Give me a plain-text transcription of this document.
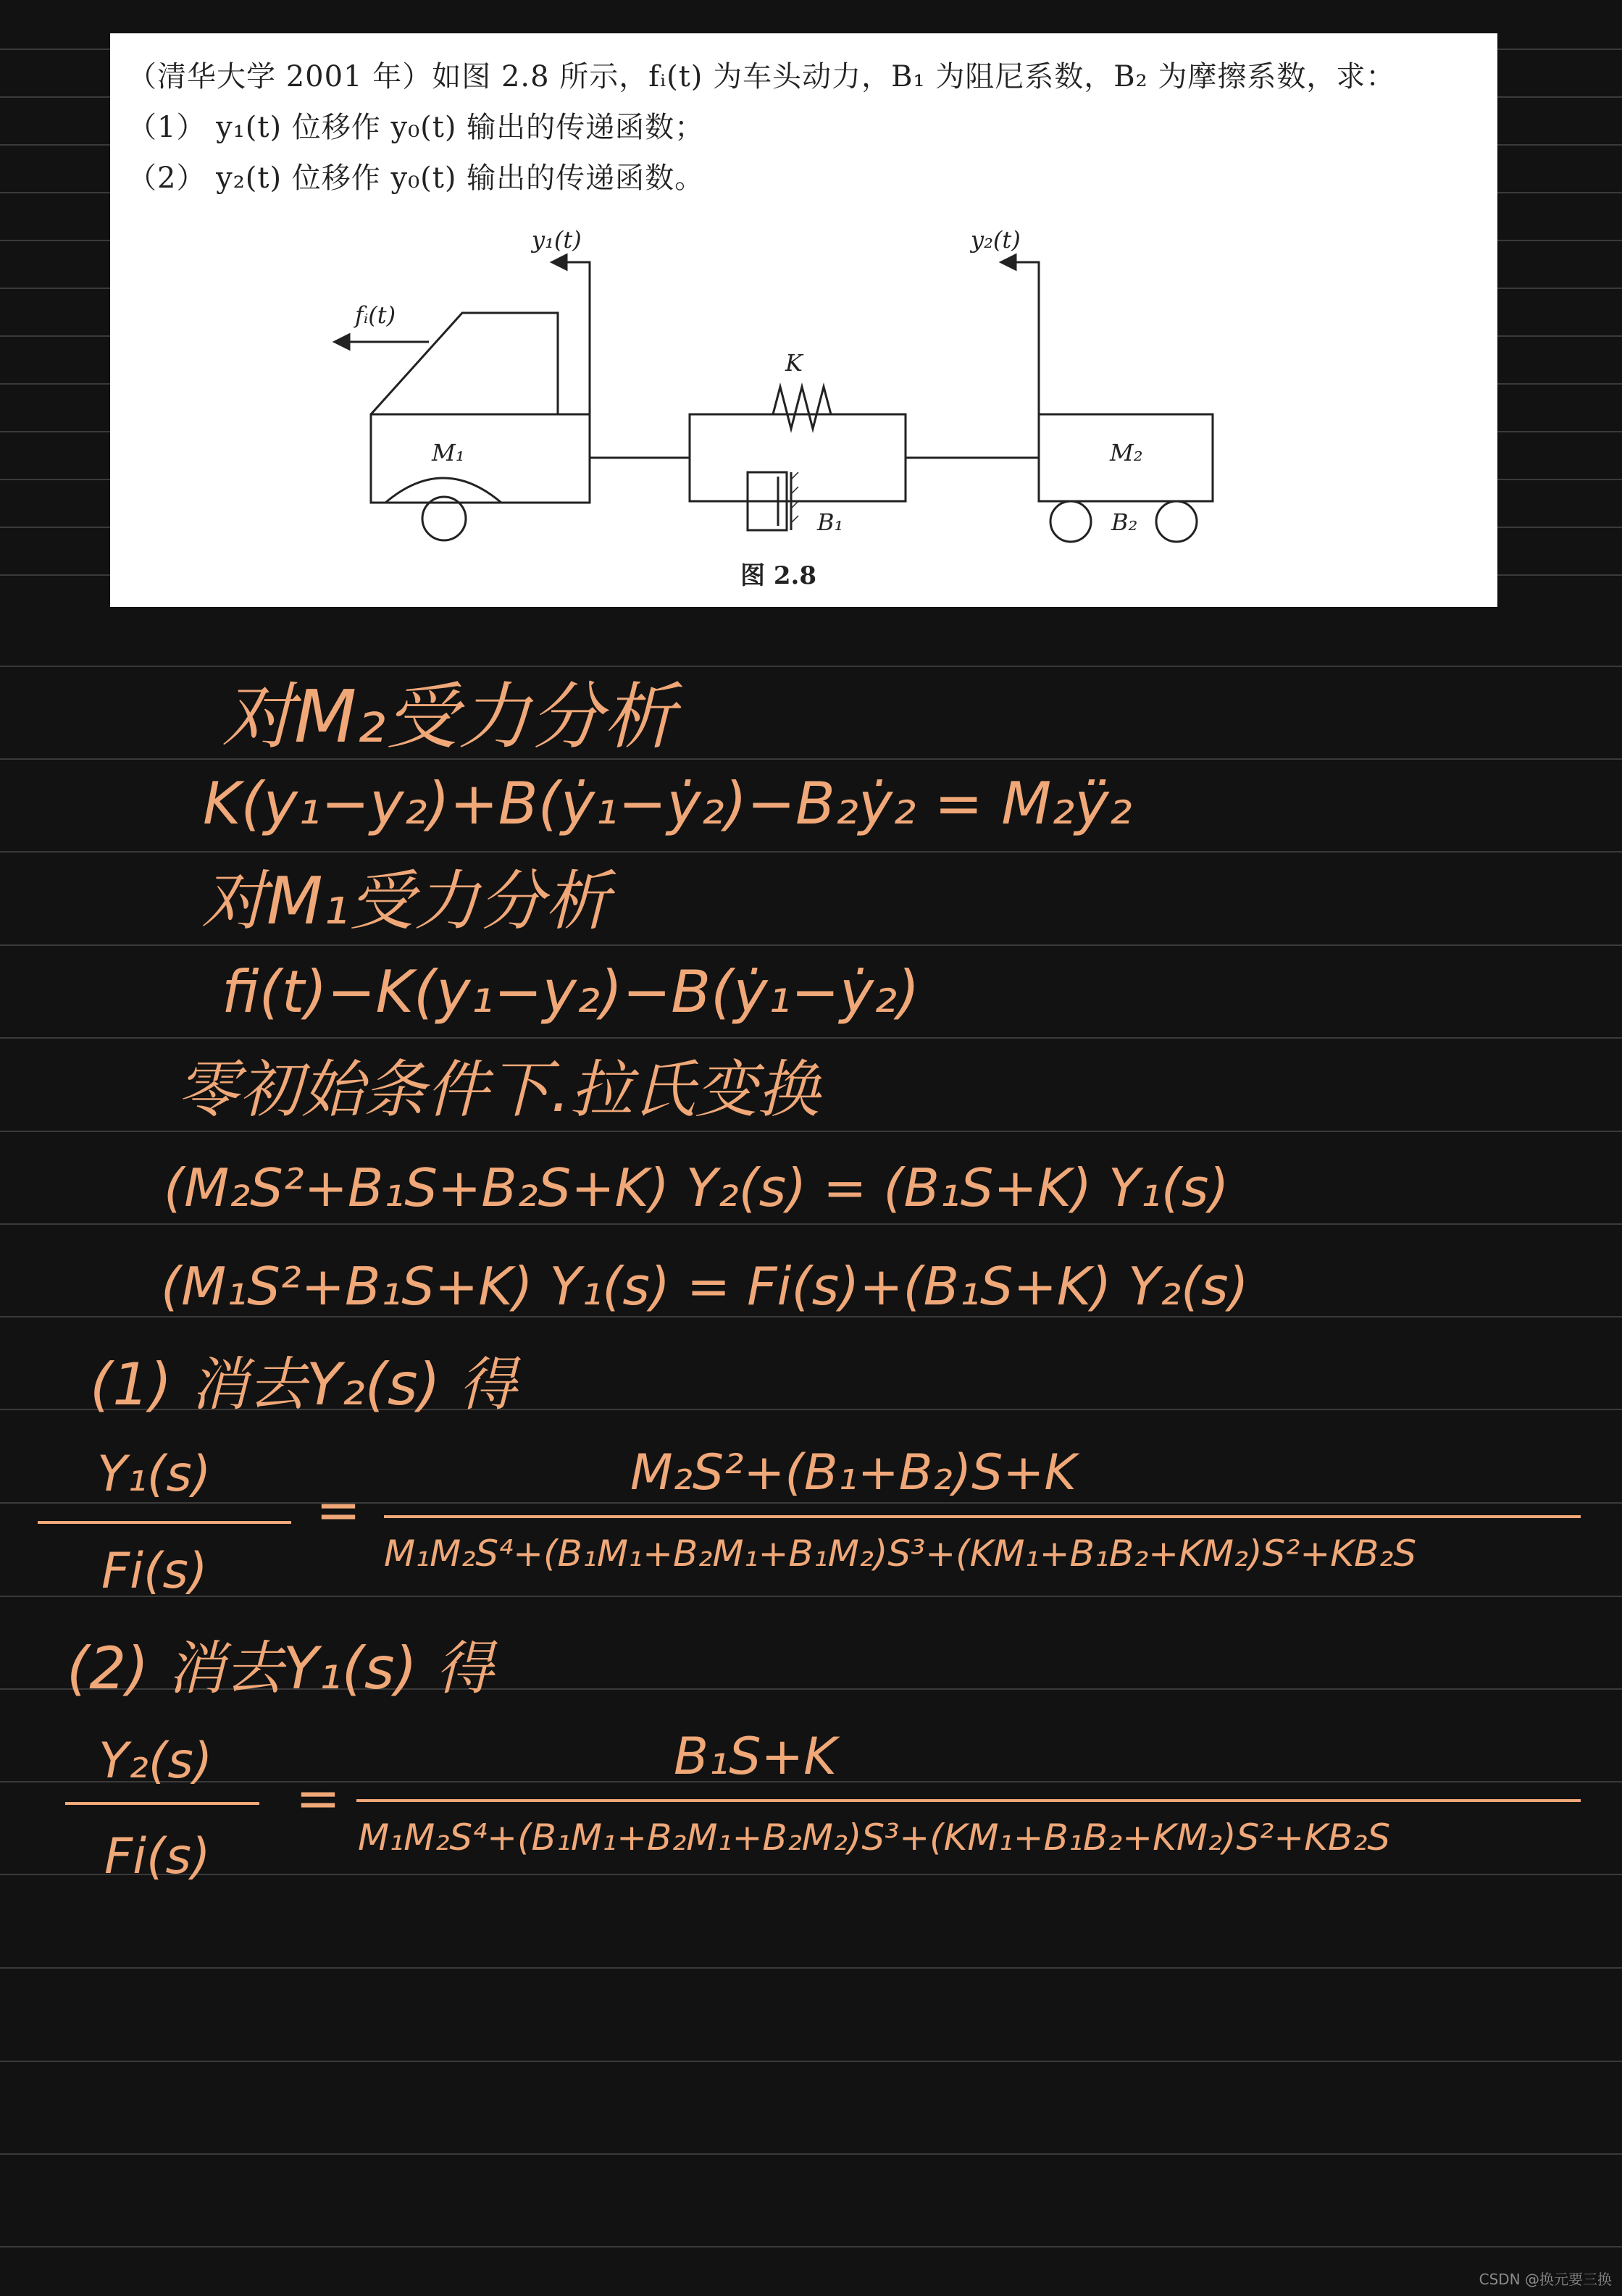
（清华大学 2001 年）如图 2.8 所示，fᵢ(t) 为车头动力，B₁ 为阻尼系数，B₂ 为摩擦系数，求：
（1） y₁(t) 位移作 y₀(t) 输出的传递函数；
（2） y₂(t) 位移作 y₀(t) 输出的传递函数。
y₁(t)	y₂(t)
fᵢ(t)
K
M₁	M₂
B₁	B₂
图 2.8
对M₂受力分析
K(y₁−y₂)+B(ẏ₁−ẏ₂)−B₂ẏ₂ = M₂ÿ₂
对M₁受力分析
fi(t)−K(y₁−y₂)−B(ẏ₁−ẏ₂)
零初始条件下.拉氏变换
(M₂S²+B₁S+B₂S+K) Y₂(s) = (B₁S+K) Y₁(s)
(M₁S²+B₁S+K) Y₁(s) = Fi(s)+(B₁S+K) Y₂(s)
(1) 消去Y₂(s) 得
Y₁(s)
Fi(s)
=
M₂S²+(B₁+B₂)S+K
M₁M₂S⁴+(B₁M₁+B₂M₁+B₁M₂)S³+(KM₁+B₁B₂+KM₂)S²+KB₂S
(2) 消去Y₁(s) 得
Y₂(s)
Fi(s)
=
B₁S+K
M₁M₂S⁴+(B₁M₁+B₂M₁+B₂M₂)S³+(KM₁+B₁B₂+KM₂)S²+KB₂S
CSDN @换元要三换
